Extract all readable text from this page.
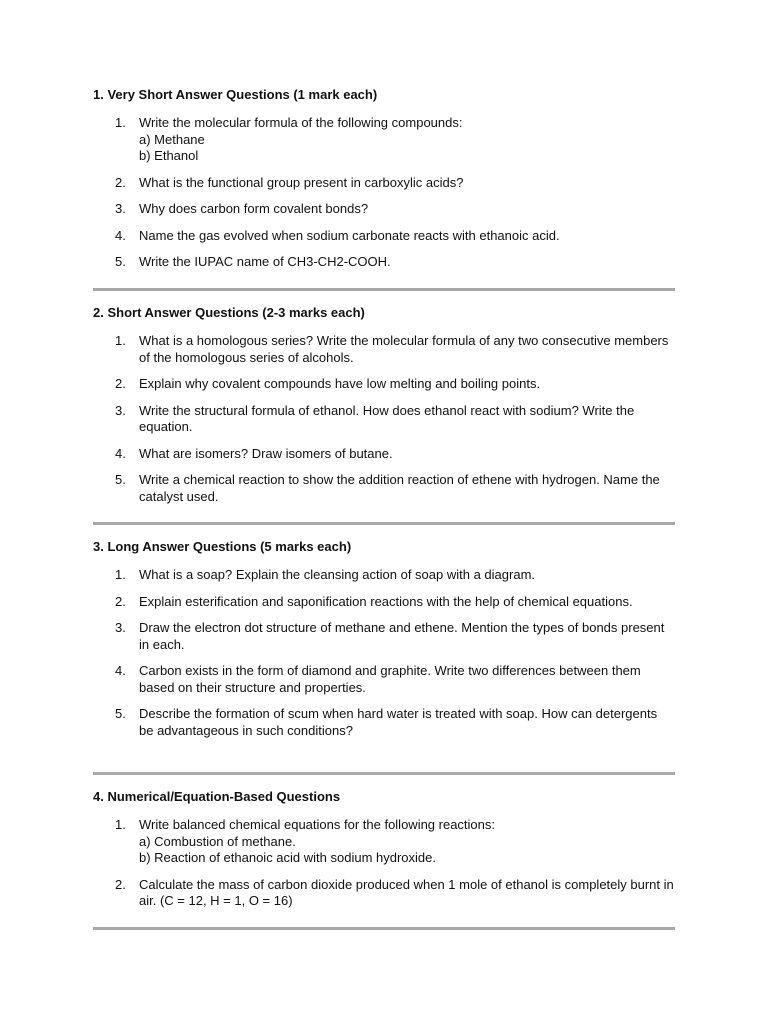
1. Very Short Answer Questions (1 mark each)
1. Write the molecular formula of the following compounds:
a) Methane
b) Ethanol
2. What is the functional group present in carboxylic acids?
3. Why does carbon form covalent bonds?
4. Name the gas evolved when sodium carbonate reacts with ethanoic acid.
5. Write the IUPAC name of CH3-CH2-COOH.
2. Short Answer Questions (2-3 marks each)
1. What is a homologous series? Write the molecular formula of any two consecutive members of the homologous series of alcohols.
2. Explain why covalent compounds have low melting and boiling points.
3. Write the structural formula of ethanol. How does ethanol react with sodium? Write the equation.
4. What are isomers? Draw isomers of butane.
5. Write a chemical reaction to show the addition reaction of ethene with hydrogen. Name the catalyst used.
3. Long Answer Questions (5 marks each)
1. What is a soap? Explain the cleansing action of soap with a diagram.
2. Explain esterification and saponification reactions with the help of chemical equations.
3. Draw the electron dot structure of methane and ethene. Mention the types of bonds present in each.
4. Carbon exists in the form of diamond and graphite. Write two differences between them based on their structure and properties.
5. Describe the formation of scum when hard water is treated with soap. How can detergents be advantageous in such conditions?
4. Numerical/Equation-Based Questions
1. Write balanced chemical equations for the following reactions:
a) Combustion of methane.
b) Reaction of ethanoic acid with sodium hydroxide.
2. Calculate the mass of carbon dioxide produced when 1 mole of ethanol is completely burnt in air. (C = 12, H = 1, O = 16)
